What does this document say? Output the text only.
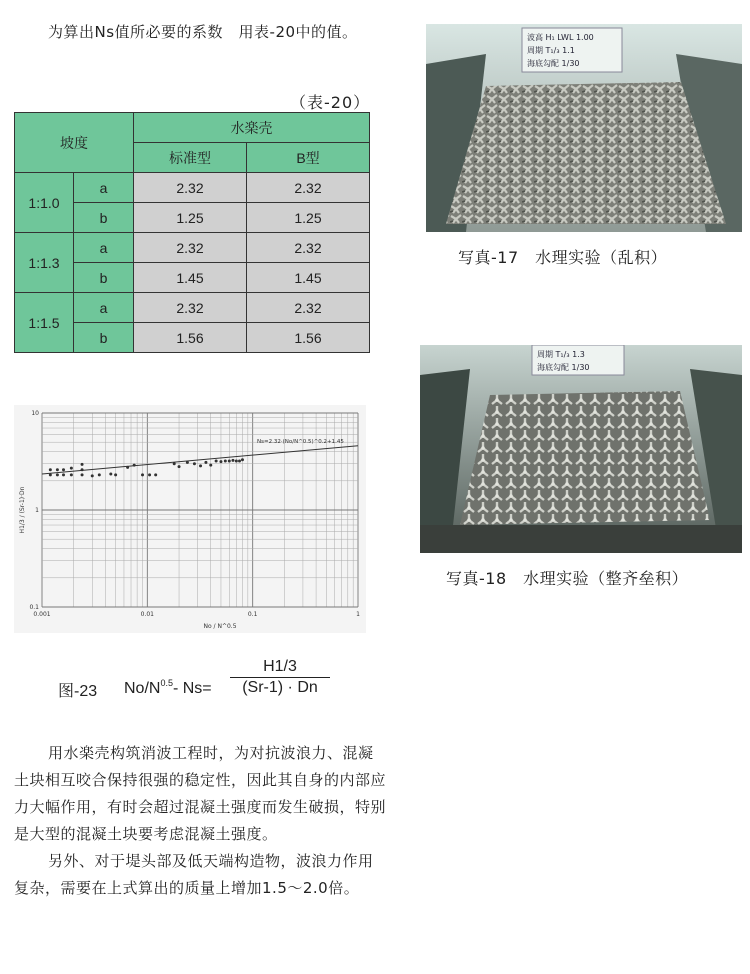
为算出Ns值所必要的系数　用表-20中的值。
（表-20）
坡度		水楽壳	
		标准型	B型
1:1.0	a	2.32	2.32
	b	1.25	1.25
1:1.3	a	2.32	2.32
	b	1.45	1.45
1:1.5	a	2.32	2.32
	b	1.56	1.56
Ns=2.32·(No/N^0.5)^0.2+1.45
0.001	0.01	0.1	1
10
1
0.1
No / N^0.5
H1/3 / (Sr-1)·Dn
图-23 $No/N^{0.5}-$ $Ns= \frac{H1/3}{(Sr-1) \cdot Dn}$

用水楽壳构筑消波工程时，为对抗波浪力、混凝土块相互咬合保持很强的稳定性，因此其自身的内部应力大幅作用，有时会超过混凝土强度而发生破损，特别是大型的混凝土块要考虑混凝土强度。

另外、对于堤头部及低天端构造物，波浪力作用复杂，需要在上式算出的质量上增加1.5～2.0倍。

波高 H₁ LWL 1.00
周期 T₁/₃ 1.1
海底勾配 1/30
写真-17　水理实验（乱积）
周期 T₁/₃ 1.3
海底勾配 1/30
写真-18　水理实验（整齐垒积）
